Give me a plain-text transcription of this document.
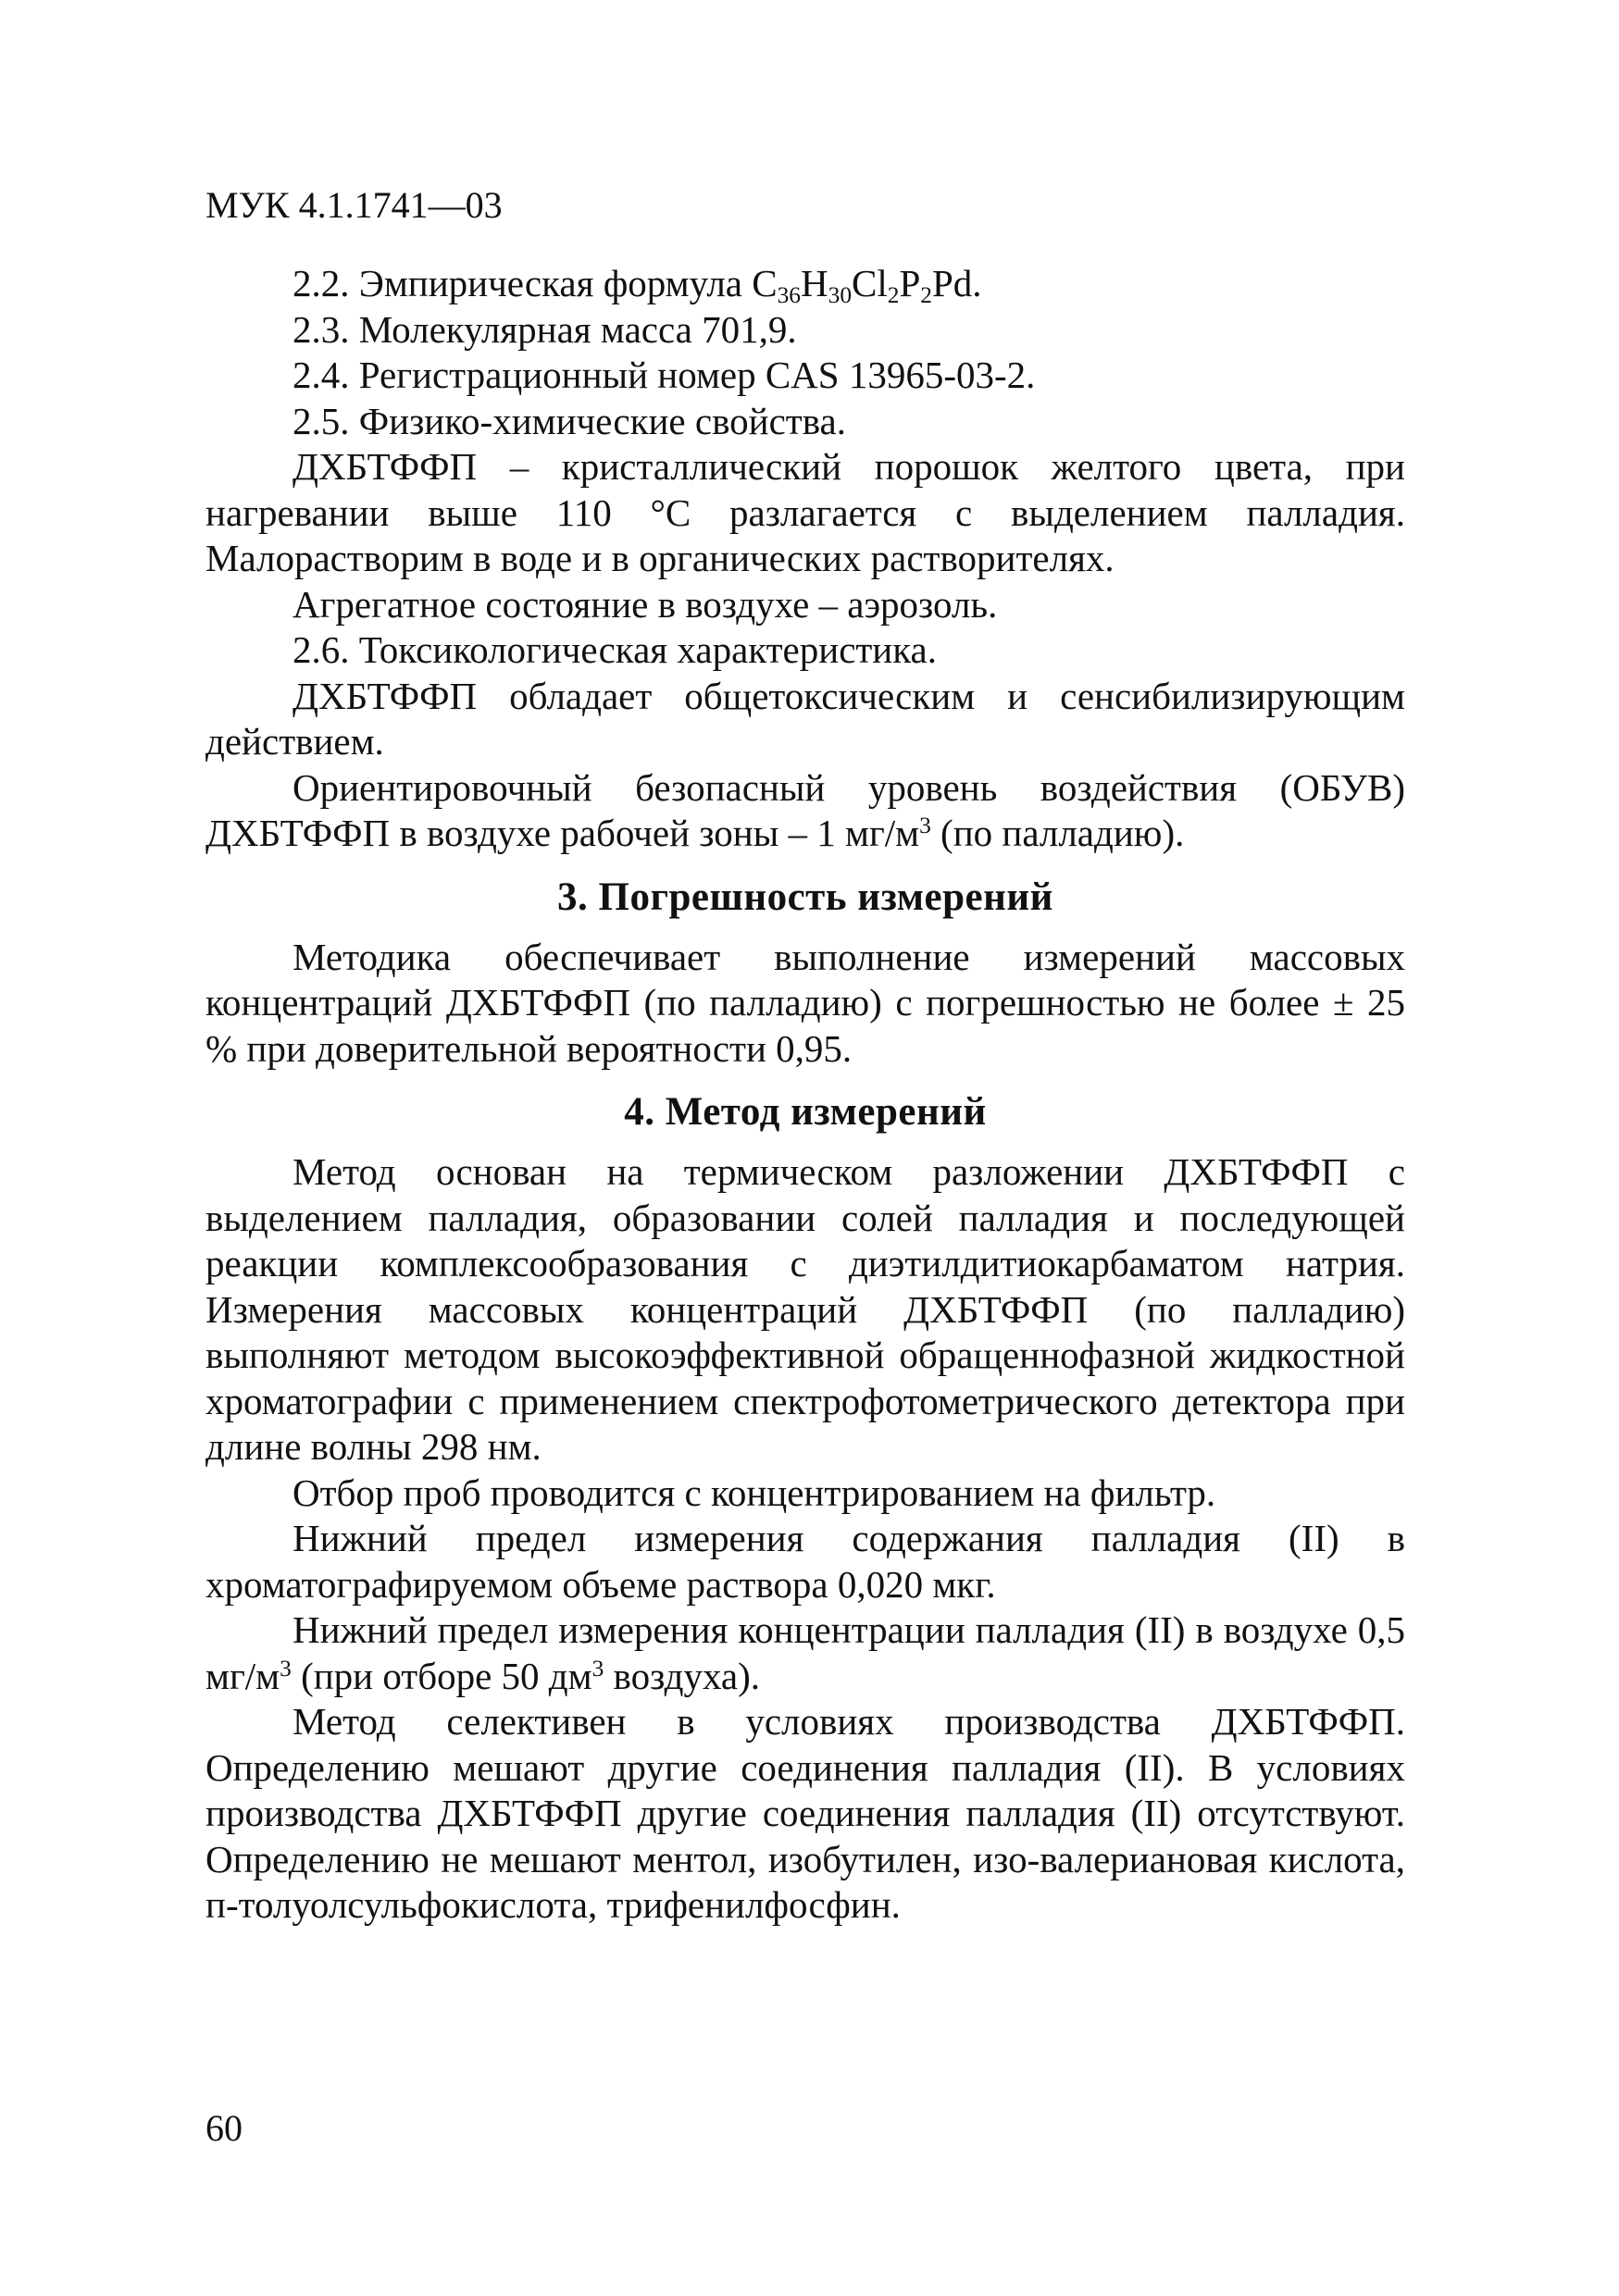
МУК 4.1.1741—03

2.2. Эмпирическая формула $C_{36}H_{30}Cl_2P_2Pd$.

2.3. Молекулярная масса 701,9.

2.4. Регистрационный номер CAS 13965-03-2.

2.5. Физико-химические свойства.

ДХБТФФП – кристаллический порошок желтого цвета, при нагревании выше 110 °С разлагается с выделением палладия. Малорастворим в воде и в органических растворителях.

Агрегатное состояние в воздухе – аэрозоль.

2.6. Токсикологическая характеристика.

ДХБТФФП обладает общетоксическим и сенсибилизирующим действием.

Ориентировочный безопасный уровень воздействия (ОБУВ) ДХБТФФП в воздухе рабочей зоны – 1 $мг/м^3$ (по палладию).

3. Погрешность измерений

Методика обеспечивает выполнение измерений массовых концентраций ДХБТФФП (по палладию) с погрешностью не более ± 25 % при доверительной вероятности 0,95.

4. Метод измерений

Метод основан на термическом разложении ДХБТФФП с выделением палладия, образовании солей палладия и последующей реакции комплексообразования с диэтилдитиокарбаматом натрия. Измерения массовых концентраций ДХБТФФП (по палладию) выполняют методом высокоэффективной обращеннофазной жидкостной хроматографии с применением спектрофотометрического детектора при длине волны 298 нм.

Отбор проб проводится с концентрированием на фильтр.

Нижний предел измерения содержания палладия (II) в хроматографируемом объеме раствора 0,020 мкг.

Нижний предел измерения концентрации палладия (II) в воздухе 0,5 $мг/м^3$ (при отборе 50 $дм^3$ воздуха).

Метод селективен в условиях производства ДХБТФФП. Определению мешают другие соединения палладия (II). В условиях производства ДХБТФФП другие соединения палладия (II) отсутствуют. Определению не мешают ментол, изобутилен, изо-валериановая кислота, п-толуолсульфокислота, трифенилфосфин.

60
